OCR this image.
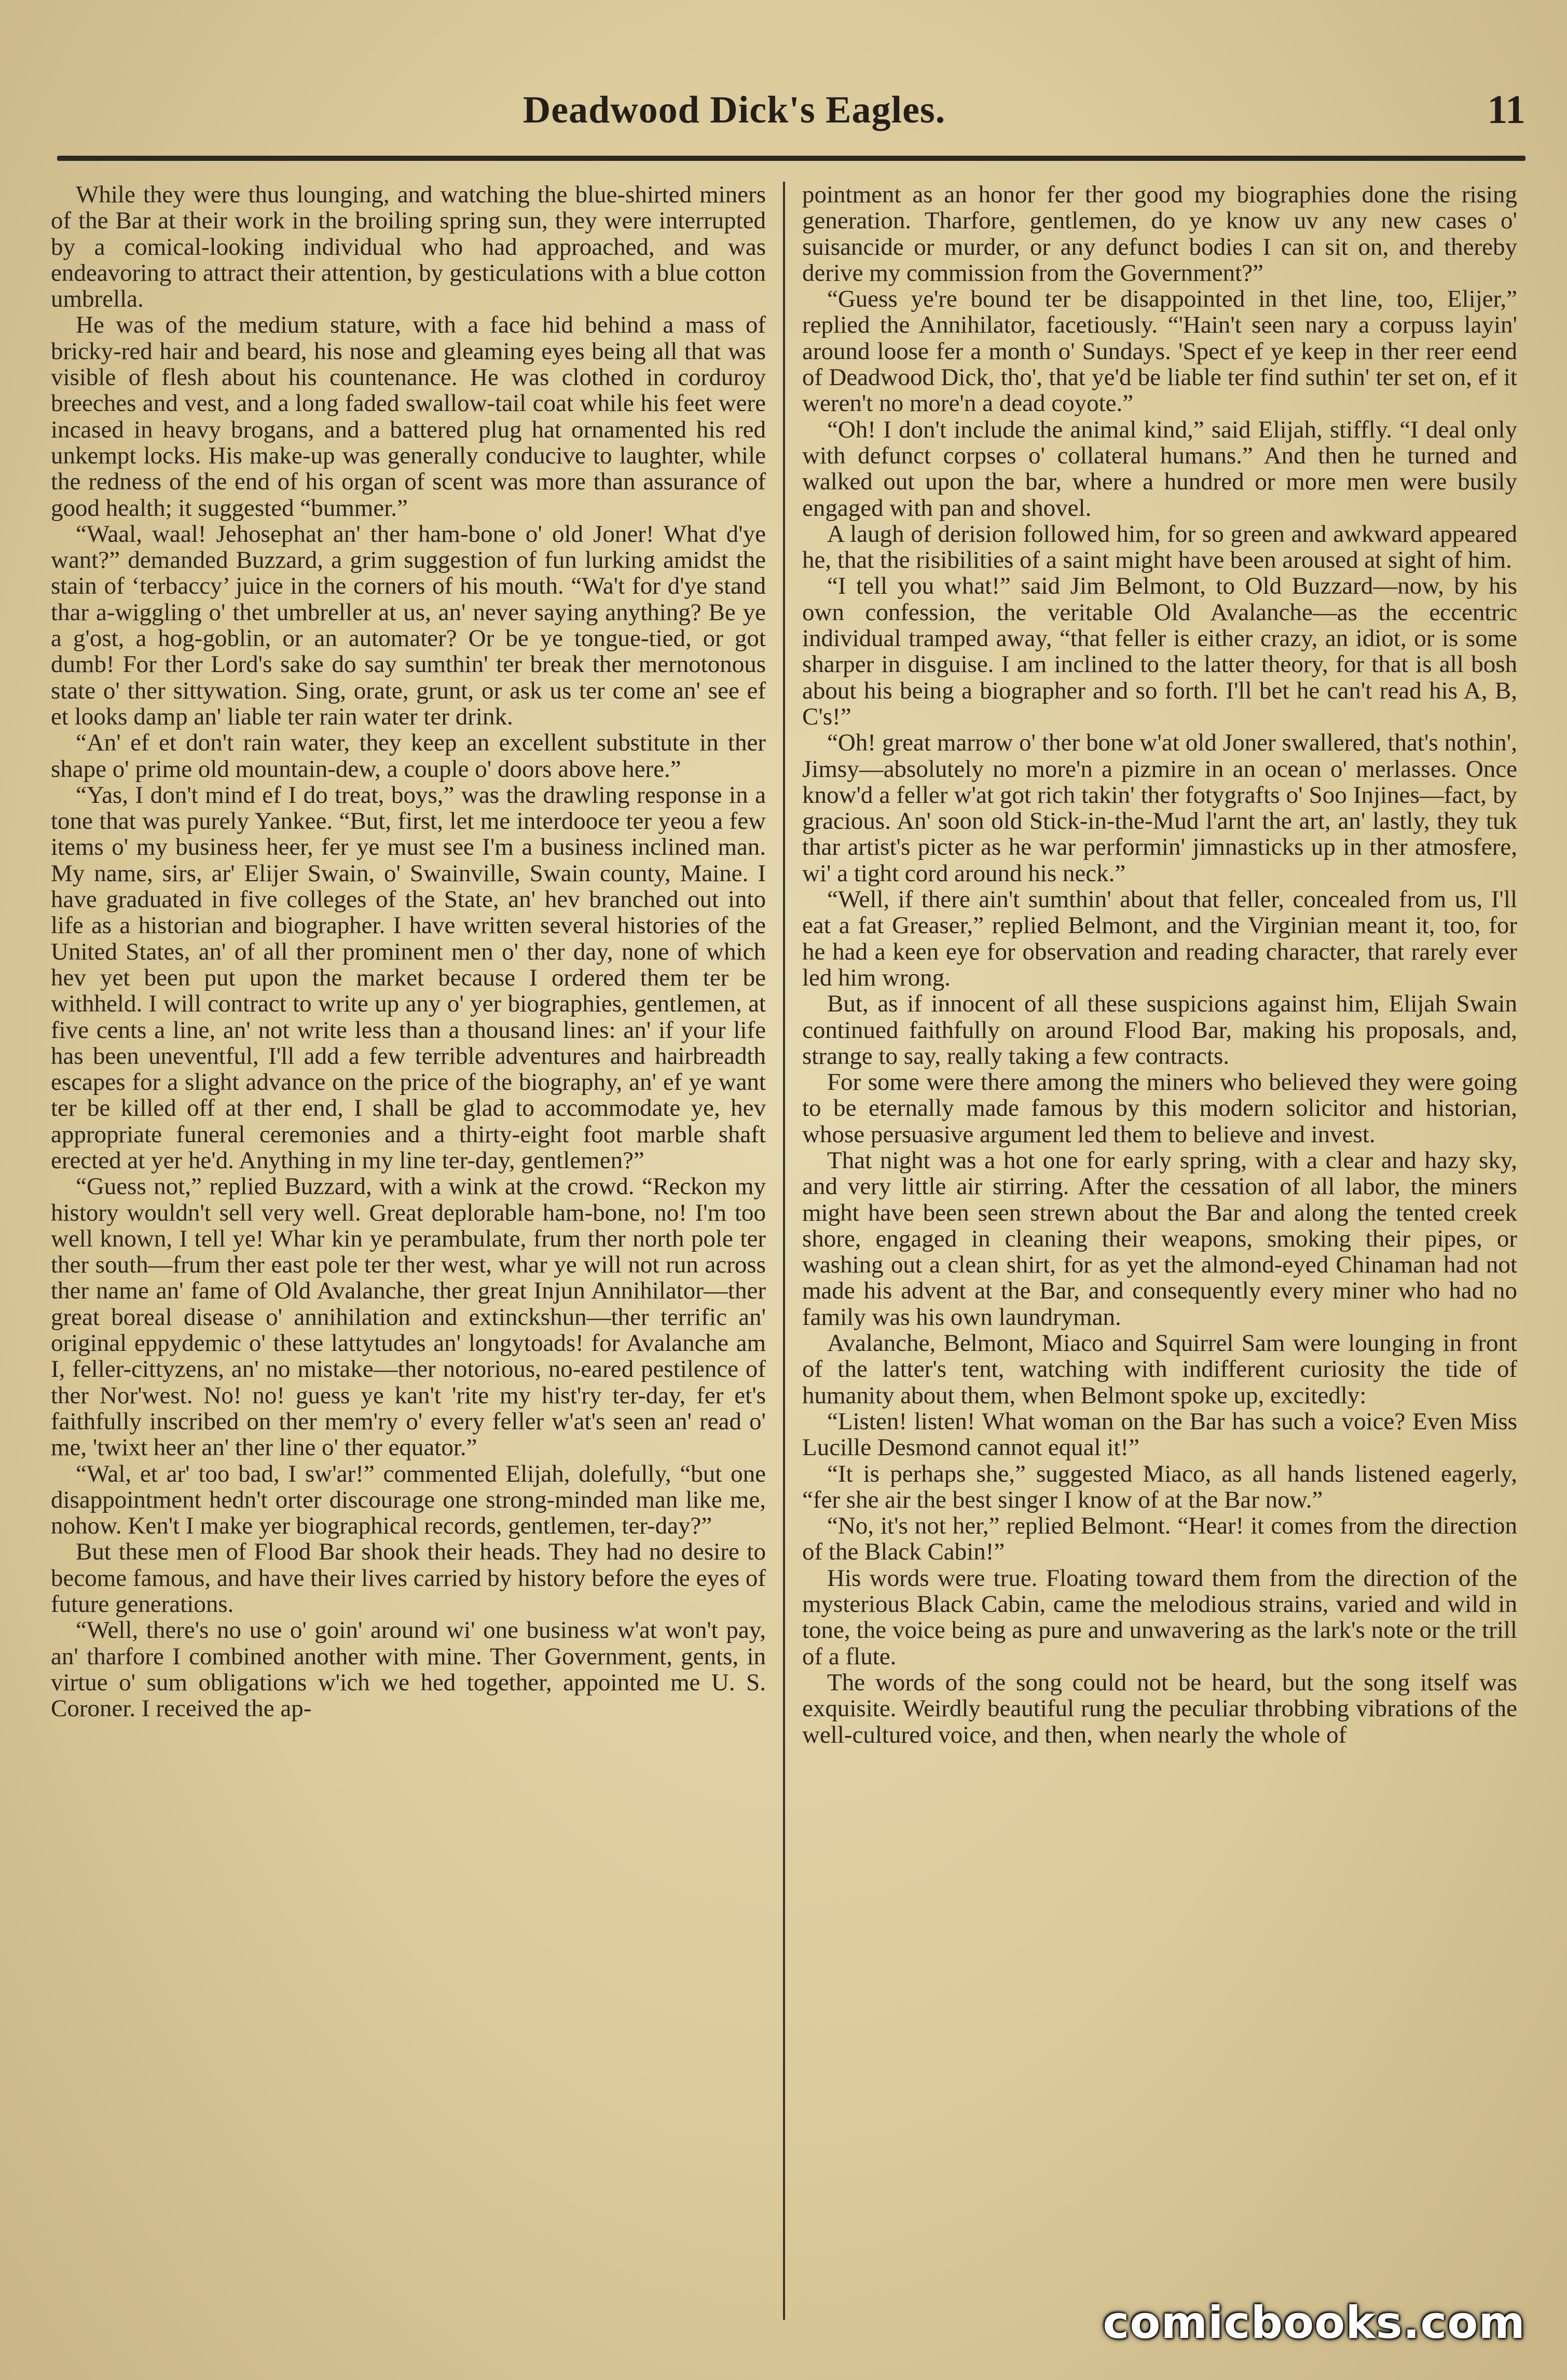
Deadwood Dick's Eagles.	11

While they were thus lounging, and watching the blue-shirted miners of the Bar at their work in the broiling spring sun, they were interrupted by a comical-looking individual who had approached, and was endeavoring to attract their attention, by gesticulations with a blue cotton umbrella.

He was of the medium stature, with a face hid behind a mass of bricky-red hair and beard, his nose and gleaming eyes being all that was visible of flesh about his countenance. He was clothed in corduroy breeches and vest, and a long faded swallow-tail coat while his feet were incased in heavy brogans, and a battered plug hat ornamented his red unkempt locks. His make-up was generally conducive to laughter, while the redness of the end of his organ of scent was more than assurance of good health; it suggested “bummer.”

“Waal, waal! Jehosephat an' ther ham-bone o' old Joner! What d'ye want?” demanded Buzzard, a grim suggestion of fun lurking amidst the stain of ‘terbaccy’ juice in the corners of his mouth. “Wa't for d'ye stand thar a-wiggling o' thet umbreller at us, an' never saying anything? Be ye a g'ost, a hog-goblin, or an automater? Or be ye tongue-tied, or got dumb! For ther Lord's sake do say sumthin' ter break ther mernotonous state o' ther sittywation. Sing, orate, grunt, or ask us ter come an' see ef et looks damp an' liable ter rain water ter drink.

“An' ef et don't rain water, they keep an excellent substitute in ther shape o' prime old mountain-dew, a couple o' doors above here.”

“Yas, I don't mind ef I do treat, boys,” was the drawling response in a tone that was purely Yankee. “But, first, let me interdooce ter yeou a few items o' my business heer, fer ye must see I'm a business inclined man. My name, sirs, ar' Elijer Swain, o' Swainville, Swain county, Maine. I have graduated in five colleges of the State, an' hev branched out into life as a historian and biographer. I have written several histories of the United States, an' of all ther prominent men o' ther day, none of which hev yet been put upon the market because I ordered them ter be withheld. I will contract to write up any o' yer biographies, gentlemen, at five cents a line, an' not write less than a thousand lines: an' if your life has been uneventful, I'll add a few terrible adventures and hairbreadth escapes for a slight advance on the price of the biography, an' ef ye want ter be killed off at ther end, I shall be glad to accommodate ye, hev appropriate funeral ceremonies and a thirty-eight foot marble shaft erected at yer he'd. Anything in my line ter-day, gentlemen?”

“Guess not,” replied Buzzard, with a wink at the crowd. “Reckon my history wouldn't sell very well. Great deplorable ham-bone, no! I'm too well known, I tell ye! Whar kin ye perambulate, frum ther north pole ter ther south—frum ther east pole ter ther west, whar ye will not run across ther name an' fame of Old Avalanche, ther great Injun Annihilator—ther great boreal disease o' annihilation and extinckshun—ther terrific an' original eppydemic o' these lattytudes an' longytoads! for Avalanche am I, feller-cittyzens, an' no mistake—ther notorious, no-eared pestilence of ther Nor'west. No! no! guess ye kan't 'rite my hist'ry ter-day, fer et's faithfully inscribed on ther mem'ry o' every feller w'at's seen an' read o' me, 'twixt heer an' ther line o' ther equator.”

“Wal, et ar' too bad, I sw'ar!” commented Elijah, dolefully, “but one disappointment hedn't orter discourage one strong-minded man like me, nohow. Ken't I make yer biographical records, gentlemen, ter-day?”

But these men of Flood Bar shook their heads. They had no desire to become famous, and have their lives carried by history before the eyes of future generations.

“Well, there's no use o' goin' around wi' one business w'at won't pay, an' tharfore I combined another with mine. Ther Government, gents, in virtue o' sum obligations w'ich we hed together, appointed me U. S. Coroner. I received the ap-

pointment as an honor fer ther good my biographies done the rising generation. Tharfore, gentlemen, do ye know uv any new cases o' suisancide or murder, or any defunct bodies I can sit on, and thereby derive my commission from the Government?”

“Guess ye're bound ter be disappointed in thet line, too, Elijer,” replied the Annihilator, facetiously. “'Hain't seen nary a corpuss layin' around loose fer a month o' Sundays. 'Spect ef ye keep in ther reer eend of Deadwood Dick, tho', that ye'd be liable ter find suthin' ter set on, ef it weren't no more'n a dead coyote.”

“Oh! I don't include the animal kind,” said Elijah, stiffly. “I deal only with defunct corpses o' collateral humans.” And then he turned and walked out upon the bar, where a hundred or more men were busily engaged with pan and shovel.

A laugh of derision followed him, for so green and awkward appeared he, that the risibilities of a saint might have been aroused at sight of him.

“I tell you what!” said Jim Belmont, to Old Buzzard—now, by his own confession, the veritable Old Avalanche—as the eccentric individual tramped away, “that feller is either crazy, an idiot, or is some sharper in disguise. I am inclined to the latter theory, for that is all bosh about his being a biographer and so forth. I'll bet he can't read his A, B, C's!”

“Oh! great marrow o' ther bone w'at old Joner swallered, that's nothin', Jimsy—absolutely no more'n a pizmire in an ocean o' merlasses. Once know'd a feller w'at got rich takin' ther fotygrafts o' Soo Injines—fact, by gracious. An' soon old Stick-in-the-Mud l'arnt the art, an' lastly, they tuk thar artist's picter as he war performin' jimnasticks up in ther atmosfere, wi' a tight cord around his neck.”

“Well, if there ain't sumthin' about that feller, concealed from us, I'll eat a fat Greaser,” replied Belmont, and the Virginian meant it, too, for he had a keen eye for observation and reading character, that rarely ever led him wrong.

But, as if innocent of all these suspicions against him, Elijah Swain continued faithfully on around Flood Bar, making his proposals, and, strange to say, really taking a few contracts.

For some were there among the miners who believed they were going to be eternally made famous by this modern solicitor and historian, whose persuasive argument led them to believe and invest.

That night was a hot one for early spring, with a clear and hazy sky, and very little air stirring. After the cessation of all labor, the miners might have been seen strewn about the Bar and along the tented creek shore, engaged in cleaning their weapons, smoking their pipes, or washing out a clean shirt, for as yet the almond-eyed Chinaman had not made his advent at the Bar, and consequently every miner who had no family was his own laundryman.

Avalanche, Belmont, Miaco and Squirrel Sam were lounging in front of the latter's tent, watching with indifferent curiosity the tide of humanity about them, when Belmont spoke up, excitedly:

“Listen! listen! What woman on the Bar has such a voice? Even Miss Lucille Desmond cannot equal it!”

“It is perhaps she,” suggested Miaco, as all hands listened eagerly, “fer she air the best singer I know of at the Bar now.”

“No, it's not her,” replied Belmont. “Hear! it comes from the direction of the Black Cabin!”

His words were true. Floating toward them from the direction of the mysterious Black Cabin, came the melodious strains, varied and wild in tone, the voice being as pure and unwavering as the lark's note or the trill of a flute.

The words of the song could not be heard, but the song itself was exquisite. Weirdly beautiful rung the peculiar throbbing vibrations of the well-cultured voice, and then, when nearly the whole of

comicbooks.com
